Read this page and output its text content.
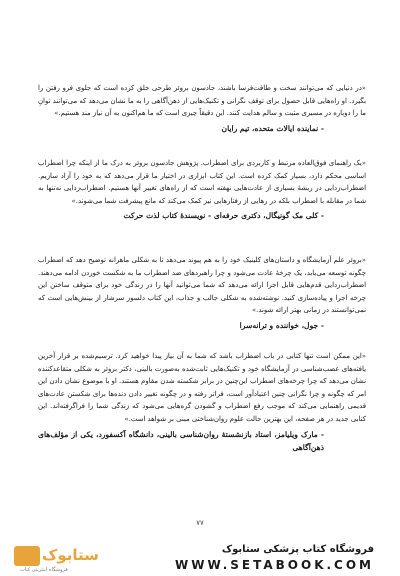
«در دنیایی که می‌توانند سخت و طاقت‌فرسا باشند، جادسون بروئر طرحی خلق کرده است که جلوی فرو رفتن را بگیرد. او راه‌هایی قابل حصول برای توقف نگرانی و تکنیک‌هایی از ذهن‌آگاهی را به ما نشان می‌دهد که می‌توانند توانِ ما را دوباره در مسیری مثبت و سالم هدایت کنند. این دقیقاً چیزی است که ما هم‌اکنون به آن نیاز مند هستیم.»

- نماینده ایالات متحده، تیم رایان

«یک راهنمای فوق‌العاده مرتبط و کاربردی برای اضطراب. پژوهش جادسون بروئر به درک ما از اینکه چرا اضطراب اساسی محکم دارد، بسیار کمک کرده است. این کتاب ابزاری در اختیار ما قرار می‌دهد که به خود را آزاد سازیم. اضطراب‌زدایی در ریشهٔ بسیاری از عادت‌هایی نهفته است که از راه‌های تغییر آنها هستیم. اضطراب‌زدایی نه‌تنها به شما در مقابله با اضطراب بلکه در رهایی از رفتارهایی نیز کمک می‌کند که مانع پیشرفت شما می‌شوند.»

- کلی مک گونیگال، دکتری حرفه‌ای - نویسندهٔ کتاب لذت حرکت

«بروئر علم آزمایشگاه و داستان‌های کلینیک خود را به هم پیوند می‌دهد تا به شکلی ماهرانه توضیح دهد که اضطراب چگونه توسعه می‌یابد، یک چرخهٔ عادت می‌شود و چرا راهبردهای ضد اضطراب ما به شکست خوردن ادامه می‌دهند. اضطراب‌زدایی قدم‌هایی قابل اجرا ارائه می‌دهد که شما می‌توانید آنها را در زندگی خود برای متوقف ساختن این چرخه اجرا و پیاده‌سازی کنید. نوشته‌شده به شکلی جالب و جذاب، این کتاب دلسوز سرشار از بینش‌هایی است که نمی‌توانستند در زمانی بهتر ارائه شوند.»

- جول، خواننده و ترانه‌سرا

«این ممکن است تنها کتابی در باب اضطراب باشد که شما به آن نیاز پیدا خواهید کرد. ترسیم‌شده بر قرار آخرین یافته‌های عصب‌شناسی در آزمایشگاه خود و تکنیک‌هایی ثابت‌شده به‌صورت بالینی، دکتر بروئر به شکلی متقاعدکننده نشان می‌دهد که چرا چرخه‌های اضطراب این‌چنین در برابر شکسته شدن مقاوم هستند. او با موضوع نشان دادن این امر که چگونه و چرا نگرانی چنین اعتیادآور است، فراتر رفته و در چگونه تغییر دادن دنده‌ها برای شکستن عادت‌های قدیمی راهنمایی می‌کند که موجب رفع اضطراب و گشودن گره‌هایی می‌شود که زندگی شما را فراگرفته‌اند. این کتابی جدید در هر صفحه، این بهترین حالت علوم روان‌شناختی مبنی بر شواهد است.»

- مارک ویلیامز، استاد بازنشستهٔ روان‌شناسی بالینی، دانشگاه آکسفورد، یکی از مؤلف‌های ذهن‌آگاهی
۷۷
ستابوک
فروشگاه اینترنتی کتاب
فروشگاه کتاب پزشکی ستابوک
WWW.SETABOOK.COM
